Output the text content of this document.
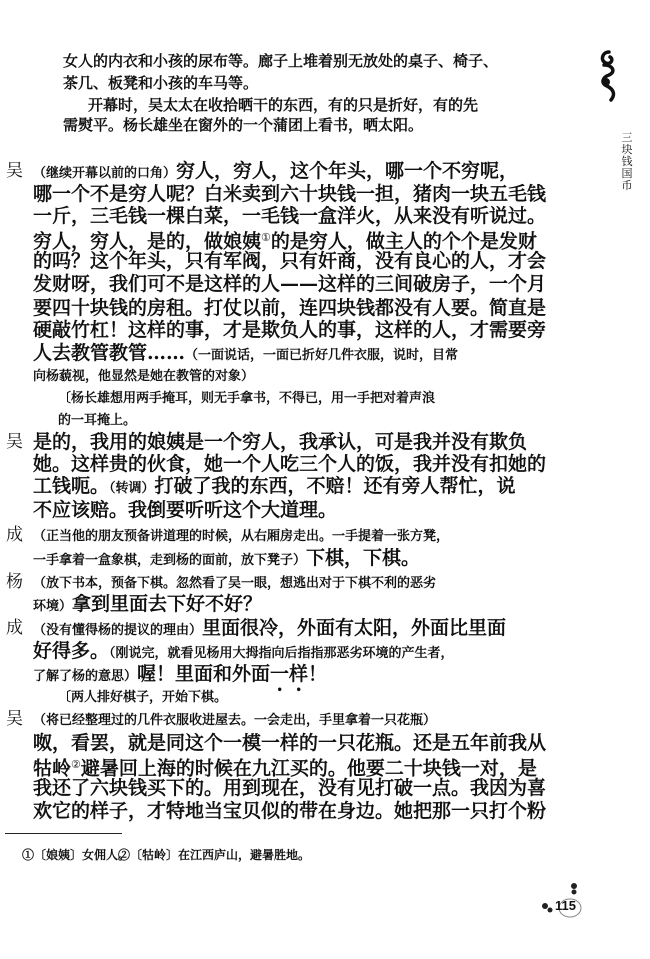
三块钱国币
女人的内衣和小孩的尿布等。廊子上堆着别无放处的桌子、椅子、
茶几、板凳和小孩的车马等。
开幕时，吴太太在收拾晒干的东西，有的只是折好，有的先
需熨平。杨长雄坐在窗外的一个蒲团上看书，晒太阳。
吴 （继续开幕以前的口角）穷人，穷人，这个年头，哪一个不穷呢，
哪一个不是穷人呢？白米卖到六十块钱一担，猪肉一块五毛钱
一斤，三毛钱一棵白菜，一毛钱一盒洋火，从来没有听说过。
穷人，穷人，是的，做娘姨①的是穷人，做主人的个个是发财
的吗？这个年头，只有军阀，只有奸商，没有良心的人，才会
发财呀，我们可不是这样的人——这样的三间破房子，一个月
要四十块钱的房租。打仗以前，连四块钱都没有人要。简直是
硬敲竹杠！这样的事，才是欺负人的事，这样的人，才需要旁
人去教管教管……（一面说话，一面已折好几件衣服，说时，目常
向杨藐视，他显然是她在教管的对象）
〔杨长雄想用两手掩耳，则无手拿书，不得已，用一手把对着声浪
的一耳掩上。
吴 是的，我用的娘姨是一个穷人，我承认，可是我并没有欺负
她。这样贵的伙食，她一个人吃三个人的饭，我并没有扣她的
工钱呃。（转调）打破了我的东西，不赔！还有旁人帮忙，说
不应该赔。我倒要听听这个大道理。
成 （正当他的朋友预备讲道理的时候，从右厢房走出。一手提着一张方凳，
一手拿着一盒象棋，走到杨的面前，放下凳子）下棋，下棋。
杨 （放下书本，预备下棋。忽然看了吴一眼，想逃出对于下棋不利的恶劣
环境）拿到里面去下好不好？
成 （没有懂得杨的提议的理由）里面很冷，外面有太阳，外面比里面
好得多。（刚说完，就看见杨用大拇指向后指指那恶劣环境的产生者，
了解了杨的意思）喔！里面和外面一样！
〔两人排好棋子，开始下棋。
吴 （将已经整理过的几件衣服收进屋去。一会走出，手里拿着一只花瓶）
呶，看罢，就是同这个一模一样的一只花瓶。还是五年前我从
牯岭②避暑回上海的时候在九江买的。他要二十块钱一对，是
我还了六块钱买下的。用到现在，没有见打破一点。我因为喜
欢它的样子，才特地当宝贝似的带在身边。她把那一只打个粉
①〔娘姨〕女佣人。
②〔牯岭〕在江西庐山，避暑胜地。
115
